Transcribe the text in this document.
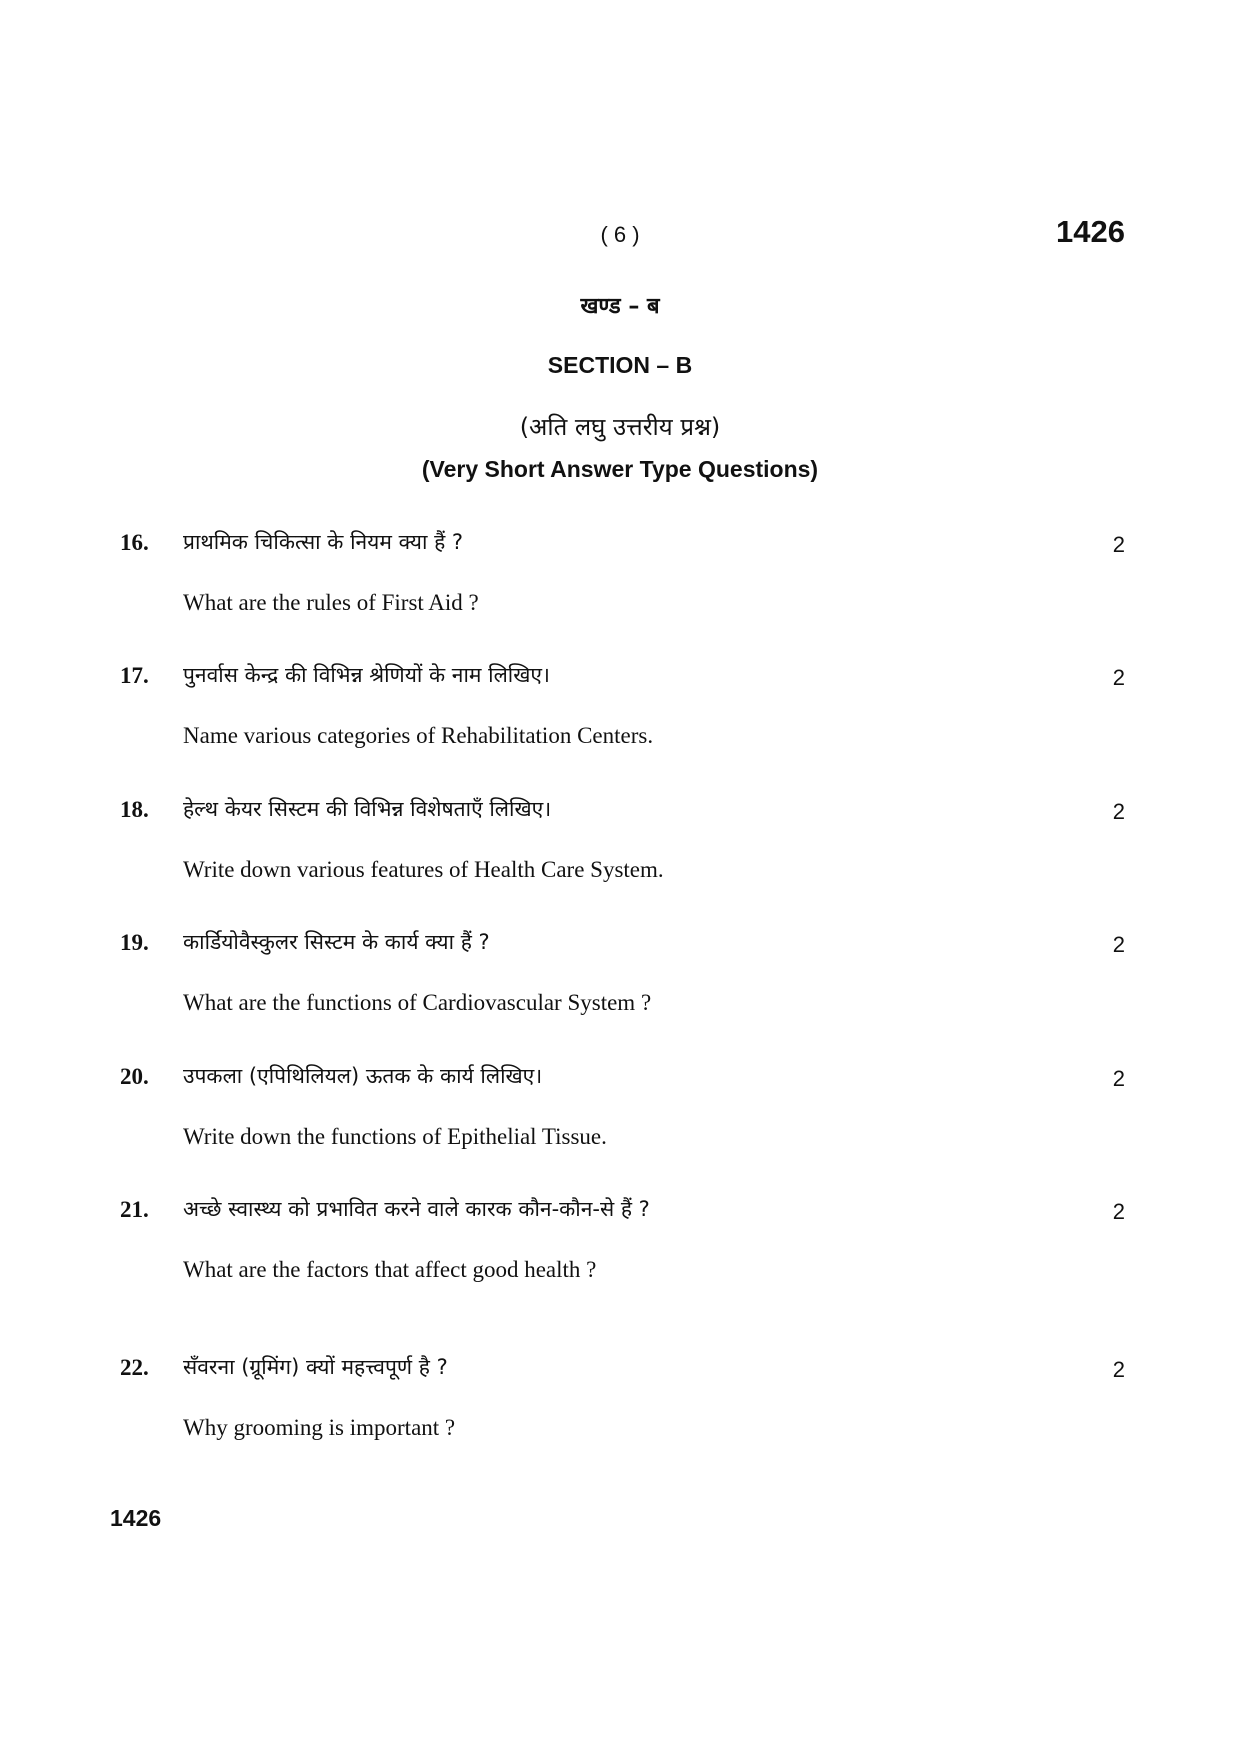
( 6 )	1426
खण्ड – ब
SECTION – B
(अति लघु उत्तरीय प्रश्न)
(Very Short Answer Type Questions)
16. प्राथमिक चिकित्सा के नियम क्या हैं ?	2
What are the rules of First Aid ?
17. पुनर्वास केन्द्र की विभिन्न श्रेणियों के नाम लिखिए।	2
Name various categories of Rehabilitation Centers.
18. हेल्थ केयर सिस्टम की विभिन्न विशेषताएँ लिखिए।	2
Write down various features of Health Care System.
19. कार्डियोवैस्कुलर सिस्टम के कार्य क्या हैं ?	2
What are the functions of Cardiovascular System ?
20. उपकला (एपिथिलियल) ऊतक के कार्य लिखिए।	2
Write down the functions of Epithelial Tissue.
21. अच्छे स्वास्थ्य को प्रभावित करने वाले कारक कौन-कौन-से हैं ?	2
What are the factors that affect good health ?
22. सँवरना (ग्रूमिंग) क्यों महत्त्वपूर्ण है ?	2
Why grooming is important ?
1426
